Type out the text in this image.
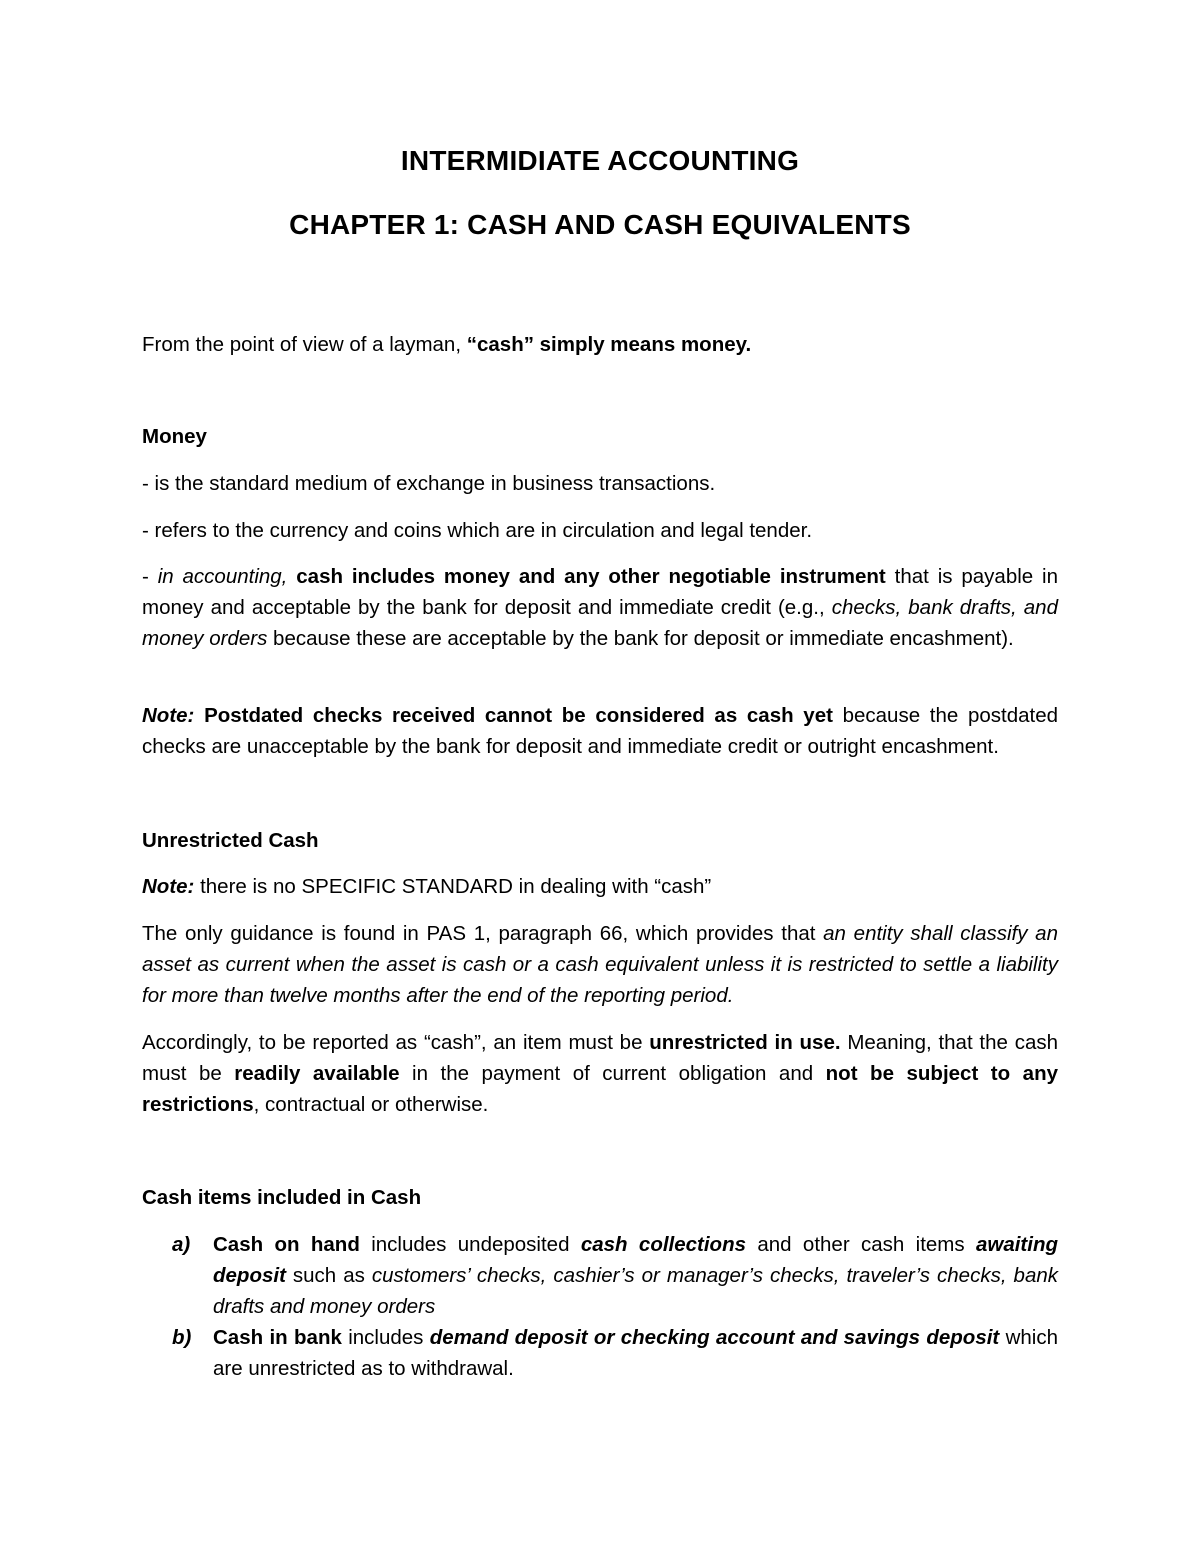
INTERMIDIATE ACCOUNTING
CHAPTER 1: CASH AND CASH EQUIVALENTS

From the point of view of a layman, “cash” simply means money.

Money

- is the standard medium of exchange in business transactions.

- refers to the currency and coins which are in circulation and legal tender.

- in accounting, cash includes money and any other negotiable instrument that is payable in money and acceptable by the bank for deposit and immediate credit (e.g., checks, bank drafts, and money orders because these are acceptable by the bank for deposit or immediate encashment).

Note: Postdated checks received cannot be considered as cash yet because the postdated checks are unacceptable by the bank for deposit and immediate credit or outright encashment.

Unrestricted Cash

Note: there is no SPECIFIC STANDARD in dealing with “cash”

The only guidance is found in PAS 1, paragraph 66, which provides that an entity shall classify an asset as current when the asset is cash or a cash equivalent unless it is restricted to settle a liability for more than twelve months after the end of the reporting period.

Accordingly, to be reported as “cash”, an item must be unrestricted in use. Meaning, that the cash must be readily available in the payment of current obligation and not be subject to any restrictions, contractual or otherwise.

Cash items included in Cash

a) Cash on hand includes undeposited cash collections and other cash items awaiting deposit such as customers’ checks, cashier’s or manager’s checks, traveler’s checks, bank drafts and money orders
b) Cash in bank includes demand deposit or checking account and savings deposit which are unrestricted as to withdrawal.
